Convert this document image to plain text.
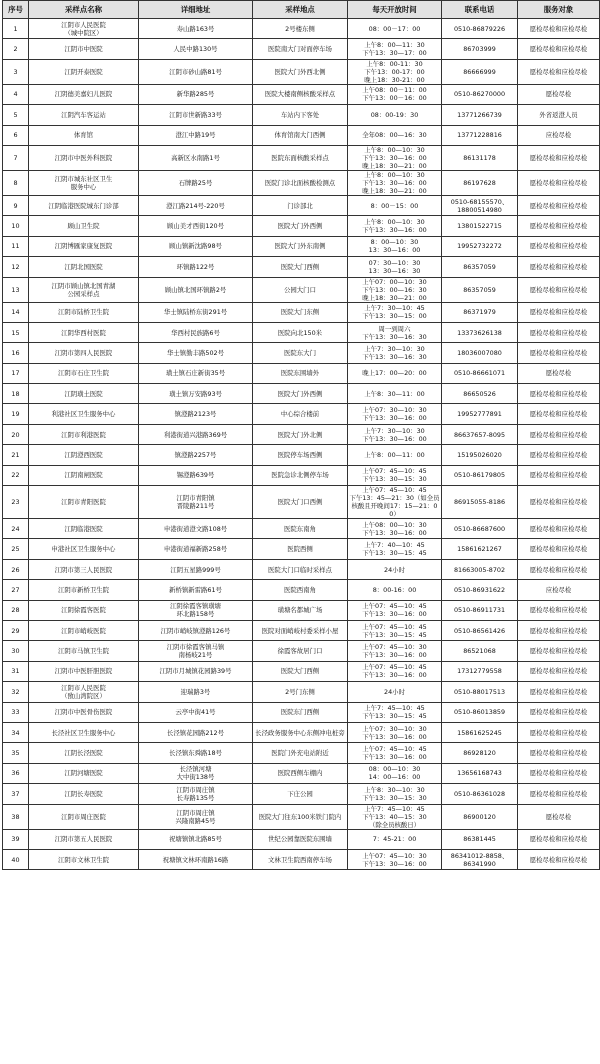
序号	采样点名称	详细地址	采样地点	每天开放时间	联系电话	服务对象
1	江阴市人民医院
（城中院区）	寿山路163号	2号楼东侧	08：00－17：00	0510-86879226	愿检尽检和应检尽检
2	江阴市中医院	人民中路130号	医院南大门对面停车场	上午8：00—11：30
下午13：30—17：00	86703999	愿检尽检和应检尽检
3	江阴开泰医院	江阴市砂山路81号	医院大门外西北侧	上午8：00-11：30
下午13：00-17：00
晚上18：30-21：00	86666999	愿检尽检和应检尽检
4	江阴德美嘉妇儿医院	新华路285号	医院大楼南侧核酸采样点	上午08：00－11：00
下午13：00－16：00	0510-86270000	愿检尽检
5	江阴汽车客运站	江阴市世新路33号	车站内下客处	08：00-19：30	13771266739	外省返澄人员
6	体育馆	澄江中路19号	体育馆南大门西侧	全年08：00—16：30	13771228816	应检尽检
7	江阴市中医外科医院	高新区水南路1号	医院东面核酸采样点	上午8：00—10：30
下午13：30—16：00
晚上18：30—21：00	86131178	愿检尽检和应检尽检
8	江阴市城东社区卫生
服务中心	石牌路25号	医院门诊北面核酸检测点	上午8：00—10：30
下午13：30—16：00
晚上18：30—21：00	86197628	愿检尽检和应检尽检
9	江阴临港医院城东门诊部	澄江路214号-220号	门诊部北	8：00－15：00	0510-68155570、
18800514980	愿检尽检和应检尽检
10	顾山卫生院	顾山美才西街120号	医院大门外西侧	上午8：00—10：30
下午13：30—16：00	13801522715	愿检尽检和应检尽检
11	江阴博匯家康复医院	顾山镇新沈路98号	医院大门外东南侧	8：00—10：30
13：30—16：00	19952732272	愿检尽检和应检尽检
12	江阴北国医院	环镇路122号	医院大门西侧	07：30—10：30
13：30—16：30	86357059	愿检尽检和应检尽检
13	江阴市顾山镇北国青湖
公园采样点	顾山镇北国环镇路2号	公园大门口	上午07：00—10：30
下午13：00—16：30
晚上18：30—21：00	86357059	愿检尽检和应检尽检
14	江阴市陆桥卫生院	华士镇陆桥东街291号	医院大门东侧	上午7：30—10：45
下午13：30—15：00	86371979	愿检尽检和应检尽检
15	江阴华西村医院	华西村民族路6号	医院向北150米	周一到周六
下午13：30—16：30	13373626138	愿检尽检和应检尽检
16	江阴市第四人民医院	华士镇勤丰路502号	医院东大门	上午7：30—10：30
下午13：30—16：30	18036007080	愿检尽检和应检尽检
17	江阴市石庄卫生院	璜土镇石庄新街35号	医院东围墙外	晚上17：00—20：00	0510-86661071	愿检尽检
18	江阴璜土医院	璜土镇万安路93号	医院大门外西侧	上午8：30—11：00	86650526	愿检尽检和应检尽检
19	利港社区卫生服务中心	镇澄路2123号	中心综合楼前	上午07：30—10：30
下午13：30—16：00	19952777891	愿检尽检和应检尽检
20	江阴市利港医院	利港街道兴港路369号	医院大门外北侧	上午7：30—10：30
下午13：30—16：00	86637657-8095	愿检尽检和应检尽检
21	江阴澄西医院	镇澄路2257号	医院停车场西侧	上午8：00—11：00	15195026020	愿检尽检和应检尽检
22	江阴南闸医院	锡澄路639号	医院急诊北侧停车场	上午07：45—10：45
下午13：30—15：30	0510-86179805	愿检尽检和应检尽检
23	江阴市青阳医院	江阴市青阳镇
晋陵路211号	医院大门口西侧	上午07：45—10：45
下午13：45—21：30（如全员核酸且开晚间17：15—21：00）	86915055-8186	愿检尽检和应检尽检
24	江阴临港医院	申港街道澄文路108号	医院东南角	上午08：00—10：30
下午13：30—16：00	0510-86687600	愿检尽检和应检尽检
25	申港社区卫生服务中心	申港街道福新路258号	医院西侧	上午7：40—10：45
下午13：30—15：45	15861621267	愿检尽检和应检尽检
26	江阴市第三人民医院	江阴五星路999号	医院大门口临时采样点	24小时	81663005-8702	愿检尽检和应检尽检
27	江阴市新桥卫生院	新桥镇新雷路61号	医院西南角	8：00-16：00	0510-86931622	应检尽检
28	江阴徐霞客医院	江阴徐霞客镇璜塘
环北路158号	璜塘名都城广场	上午07：45—10：45
下午13：30—16：00	0510-86911731	愿检尽检和应检尽检
29	江阴市峭岐医院	江阴市峭岐镇澄路126号	医院对面峭岐村委采样小屋	上午07：45—10：45
下午13：30—15：45	0510-86561426	愿检尽检和应检尽检
30	江阴市马镇卫生院	江阴市徐霞客镇马镇
南杨岐21号	徐霞客故居门口	上午07：45—10：30
下午13：30—16：00	86521068	愿检尽检和应检尽检
31	江阴市中医肝胆医院	江阴市月城镇花园路39号	医院大门西侧	上午07：45—10：45
下午13：30—16：00	17312779558	愿检尽检和应检尽检
32	江阴市人民医院
（敔山湾院区）	迎瑞路3号	2号门东侧	24小时	0510-88017513	愿检尽检和应检尽检
33	江阴市中医骨伤医院	云亭中街41号	医院东门西侧	上午7：45—10：45
下午13：30—15：45	0510-86013859	愿检尽检和应检尽检
34	长泾社区卫生服务中心	长泾镇花园路212号	长泾政务服务中心东侧冲电桩旁	上午07：30—10：30
下午13：30—16：00	15861625245	愿检尽检和应检尽检
35	江阴长泾医院	长泾镇东舜路18号	医院门外充电站附近	上午07：45—10：45
下午13：30—16：00	86928120	愿检尽检和应检尽检
36	江阴河塘医院	长泾镇河塘
大中街138号	医院西侧车棚内	08：00—10：30
14：00—16：00	13656168743	愿检尽检和应检尽检
37	江阴长寿医院	江阴市周庄镇
长寿路135号	下庄公园	上午8：30—10：30
下午13：30—15：30	0510-86361028	愿检尽检和应检尽检
38	江阴市周庄医院	江阴市周庄镇
兴隆南路45号	医院大门往东100米铁门院内	上午7：45—10：45
下午13：40—15：30
（除全员核酸日）	86900120	愿检尽检
39	江阴市第五人民医院	祝塘镇镇北路85号	世纪公园靠医院东围墙	7：45-21：00	86381445	愿检尽检和应检尽检
40	江阴市文林卫生院	祝塘镇文林环南路16路	文林卫生院西南停车场	上午07：45—10：30
下午13：30—16：00	86341012-8858、
86341990	愿检尽检和应检尽检
